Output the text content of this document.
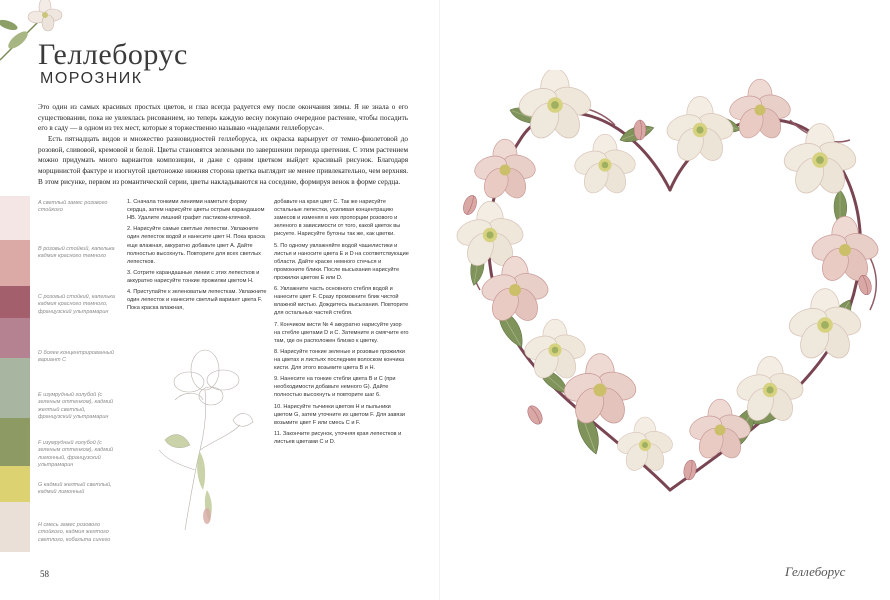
Геллеборус
МОРОЗНИК

Это один из самых красивых простых цветов, и глаз всегда радуется ему после окончания зимы. Я не знала о его существовании, пока не увлеклась рисованием, но теперь каждую весну покупаю очередное растение, чтобы посадить его в саду — в одном из тех мест, которые я торжественно называю «наделами геллеборуса».

Есть пятнадцать видов и множество разновидностей геллеборуса, их окраска варьирует от темно-фиолетовой до розовой, сливовой, кремовой и белой. Цветы становятся зелеными по завершении периода цветения. С этим растением можно придумать много вариантов композиции, и даже с одним цветком выйдет красивый рисунок. Благодаря морщинистой фактуре и изогнутой цветоножке нижняя сторона цветка выглядит не менее привлекательно, чем верхняя. В этом рисунке, первом из романтической серии, цветы накладываются на соседние, формируя венок в форме сердца.

A светлый замес розового стойкого
B розовый стойкий, капелька кадмия красного темного
C розовый стойкий, капелька кадмия красного темного, французский ультрамарин
D более концентрированный вариант C
E изумрудный голубой (с зеленым оттенком), кадмий желтый светлый, французский ультрамарин
F изумрудный голубой (с зеленым оттенком), кадмий лимонный, французский ультрамарин
G кадмий желтый светлый, кадмий лимонный
H смесь замес розового стойкого, кадмия желтого светлого, кобальта синего

1. Сначала тонкими линиями наметьте форму сердца, затем нарисуйте цветы острым карандашом HB. Удалите лишний графит ластиком-клячкой.

2. Нарисуйте самые светлые лепестки. Увлажните один лепесток водой и нанесите цвет H. Пока краска еще влажная, аккуратно добавьте цвет A. Дайте полностью высохнуть. Повторите для всех светлых лепестков.

3. Сотрите карандашные линии с этих лепестков и аккуратно нарисуйте тонкие прожилки цветом H.

4. Приступайте к зеленоватым лепесткам. Увлажните один лепесток и нанесите светлый вариант цвета F. Пока краска влажная,

добавьте на края цвет C. Так же нарисуйте остальные лепестки, усиливая концентрацию замесов и изменяя в них пропорции розового и зеленого в зависимости от того, какой цветок вы рисуете. Нарисуйте бутоны так же, как цветки.

5. По одному увлажняйте водой чашелистики и листья и наносите цвета E и D на соответствующие области. Дайте краске немного стечься и промокните блики. После высыхания нарисуйте прожилки цветом E или D.

6. Увлажните часть основного стебля водой и нанесите цвет F. Сразу промокните блик чистой влажной кистью. Дождитесь высыхания. Повторите для остальных частей стебля.

7. Кончиком кисти № 4 аккуратно нарисуйте узор на стебле цветами D и C. Затемните и смягчите его там, где он расположен близко к цветку.

8. Нарисуйте тонкие зеленые и розовые прожилки на цветах и листьях последним волоском кончика кисти. Для этого возьмите цвета B и H.

9. Нанесите на тонкие стебли цвета B и C (при необходимости добавьте немного G). Дайте полностью высохнуть и повторите шаг 6.

10. Нарисуйте тычинки цветом H и пыльники цветом G, затем уточните их цветом F. Для завязи возьмите цвет F или смесь C и F.

11. Закончите рисунок, уточняя края лепестков и листьев цветами C и D.

58	Геллеборус
